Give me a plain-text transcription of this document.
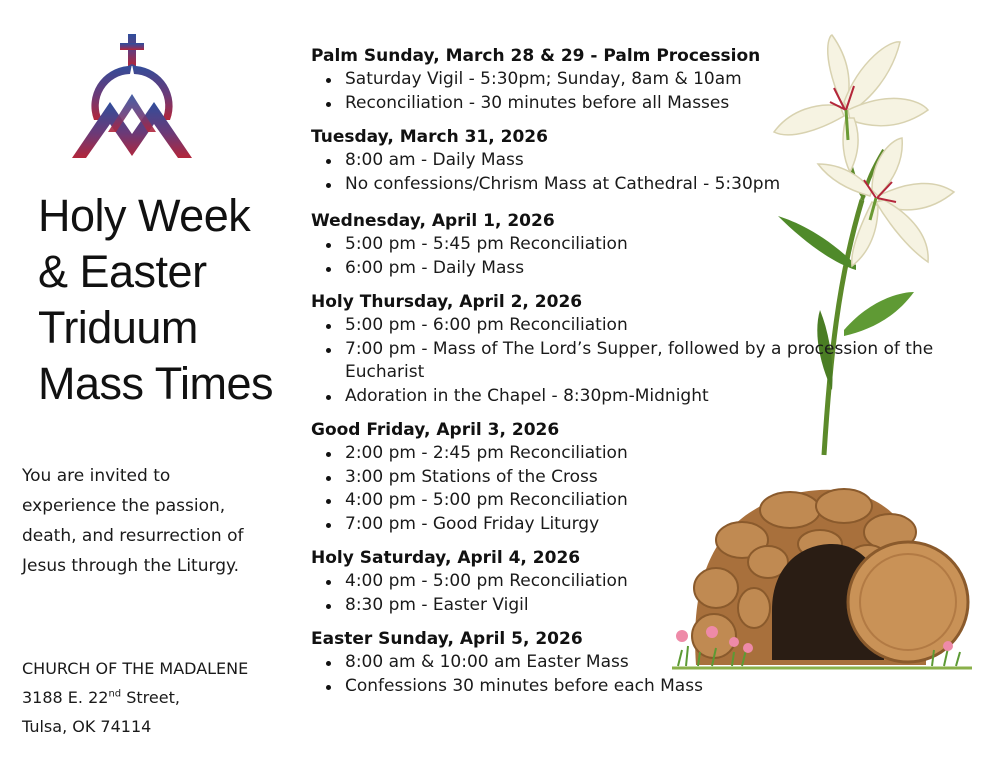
Holy Week
& Easter
Triduum
Mass Times
You are invited to
experience the passion,
death, and resurrection of
Jesus through the Liturgy.
CHURCH OF THE MADALENE
3188 E. 22nd Street,
Tulsa, OK 74114
Palm Sunday, March 28 & 29 - Palm Procession
Saturday Vigil - 5:30pm; Sunday, 8am & 10am
Reconciliation - 30 minutes before all Masses
Tuesday, March 31, 2026
8:00 am - Daily Mass
No confessions/Chrism Mass at Cathedral - 5:30pm
Wednesday, April 1, 2026
5:00 pm - 5:45 pm Reconciliation
6:00 pm - Daily Mass
Holy Thursday, April 2, 2026
5:00 pm - 6:00 pm Reconciliation
7:00 pm - Mass of The Lord’s Supper, followed by a procession of the Eucharist
Adoration in the Chapel - 8:30pm-Midnight
Good Friday, April 3, 2026
2:00 pm - 2:45 pm Reconciliation
3:00 pm Stations of the Cross
4:00 pm - 5:00 pm Reconciliation
7:00 pm - Good Friday Liturgy
Holy Saturday, April 4, 2026
4:00 pm - 5:00 pm Reconciliation
8:30 pm - Easter Vigil
Easter Sunday, April 5, 2026
8:00 am & 10:00 am Easter Mass
Confessions 30 minutes before each Mass
